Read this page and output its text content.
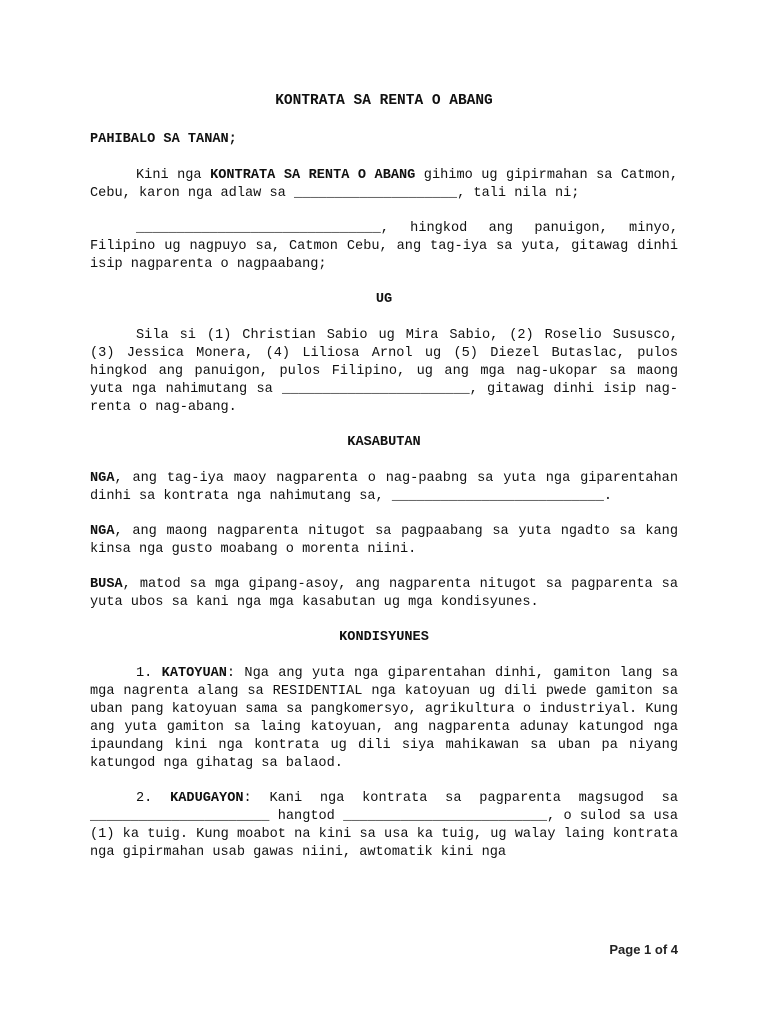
KONTRATA SA RENTA O ABANG
PAHIBALO SA TANAN;

Kini nga KONTRATA SA RENTA O ABANG gihimo ug gipirmahan sa Catmon, Cebu, karon nga adlaw sa ____________________, tali nila ni;

______________________________, hingkod ang panuigon, minyo, Filipino ug nagpuyo sa, Catmon Cebu, ang tag-iya sa yuta, gitawag dinhi isip nagparenta o nagpaabang;

UG

Sila si (1) Christian Sabio ug Mira Sabio, (2) Roselio Sususco, (3) Jessica Monera, (4) Liliosa Arnol ug (5) Diezel Butaslac, pulos hingkod ang panuigon, pulos Filipino, ug ang mga nag-ukopar sa maong yuta nga nahimutang sa _______________________, gitawag dinhi isip nag-renta o nag-abang.

KASABUTAN

NGA, ang tag-iya maoy nagparenta o nag-paabng sa yuta nga giparentahan dinhi sa kontrata nga nahimutang sa, __________________________.

NGA, ang maong nagparenta nitugot sa pagpaabang sa yuta ngadto sa kang kinsa nga gusto moabang o morenta niini.

BUSA, matod sa mga gipang-asoy, ang nagparenta nitugot sa pagparenta sa yuta ubos sa kani nga mga kasabutan ug mga kondisyunes.

KONDISYUNES

1. KATOYUAN: Nga ang yuta nga giparentahan dinhi, gamiton lang sa mga nagrenta alang sa RESIDENTIAL nga katoyuan ug dili pwede gamiton sa uban pang katoyuan sama sa pangkomersyo, agrikultura o industriyal. Kung ang yuta gamiton sa laing katoyuan, ang nagparenta adunay katungod nga ipaundang kini nga kontrata ug dili siya mahikawan sa uban pa niyang katungod nga gihatag sa balaod.

2. KADUGAYON: Kani nga kontrata sa pagparenta magsugod sa ______________________ hangtod _________________________, o sulod sa usa (1) ka tuig. Kung moabot na kini sa usa ka tuig, ug walay laing kontrata nga gipirmahan usab gawas niini, awtomatik kini nga

Page 1 of 4
